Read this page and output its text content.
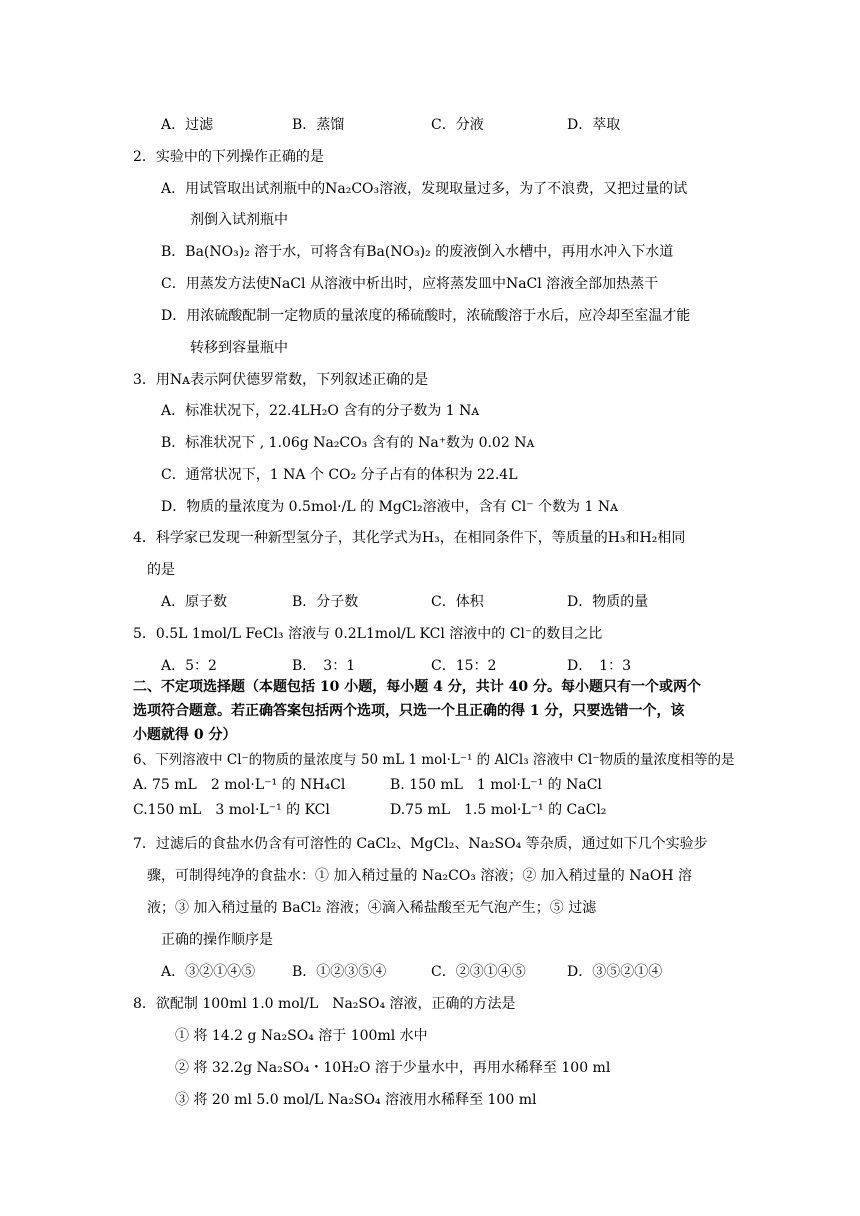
A．过滤	B．蒸馏	C．分液	D．萃取
2．实验中的下列操作正确的是
A．用试管取出试剂瓶中的Na₂CO₃溶液，发现取量过多，为了不浪费，又把过量的试
剂倒入试剂瓶中
B．Ba(NO₃)₂ 溶于水，可将含有Ba(NO₃)₂ 的废液倒入水槽中，再用水冲入下水道
C．用蒸发方法使NaCl 从溶液中析出时，应将蒸发皿中NaCl 溶液全部加热蒸干
D．用浓硫酸配制一定物质的量浓度的稀硫酸时，浓硫酸溶于水后，应冷却至室温才能
转移到容量瓶中
3．用Nᴀ表示阿伏德罗常数，下列叙述正确的是
A．标准状况下，22.4LH₂O 含有的分子数为 1 Nᴀ
B．标准状况下 , 1.06g Na₂CO₃ 含有的 Na⁺数为 0.02 Nᴀ
C．通常状况下，1 NA 个 CO₂ 分子占有的体积为 22.4L
D．物质的量浓度为 0.5mol·/L 的 MgCl₂溶液中，含有 Cl⁻ 个数为 1 Nᴀ
4．科学家已发现一种新型氢分子，其化学式为H₃，在相同条件下，等质量的H₃和H₂相同
的是
A．原子数	B．分子数	C．体积	D．物质的量
5．0.5L 1mol/L FeCl₃ 溶液与 0.2L1mol/L KCl 溶液中的 Cl⁻的数目之比
A．5：2	B．　3：1	C．15：2	D．　1：3
二、不定项选择题（本题包括 10 小题，每小题 4 分，共计 40 分。每小题只有一个或两个
选项符合题意。若正确答案包括两个选项，只选一个且正确的得 1 分，只要选错一个，该
小题就得 0 分）
6、下列溶液中 Cl⁻的物质的量浓度与 50 mL 1 mol·L⁻¹ 的 AlCl₃ 溶液中 Cl⁻物质的量浓度相等的是
A. 75 mL　2 mol·L⁻¹ 的 NH₄Cl	B. 150 mL　1 mol·L⁻¹ 的 NaCl
C.150 mL　3 mol·L⁻¹ 的 KCl	D.75 mL　1.5 mol·L⁻¹ 的 CaCl₂
7．过滤后的食盐水仍含有可溶性的 CaCl₂、MgCl₂、Na₂SO₄ 等杂质，通过如下几个实验步
骤，可制得纯净的食盐水：① 加入稍过量的 Na₂CO₃ 溶液；② 加入稍过量的 NaOH 溶
液；③ 加入稍过量的 BaCl₂ 溶液；④滴入稀盐酸至无气泡产生；⑤ 过滤
正确的操作顺序是
A．③②①④⑤	B．①②③⑤④	C．②③①④⑤	D．③⑤②①④
8．欲配制 100ml 1.0 mol/L　Na₂SO₄ 溶液，正确的方法是
① 将 14.2 g Na₂SO₄ 溶于 100ml 水中
② 将 32.2g Na₂SO₄・10H₂O 溶于少量水中，再用水稀释至 100 ml
③ 将 20 ml 5.0 mol/L Na₂SO₄ 溶液用水稀释至 100 ml
